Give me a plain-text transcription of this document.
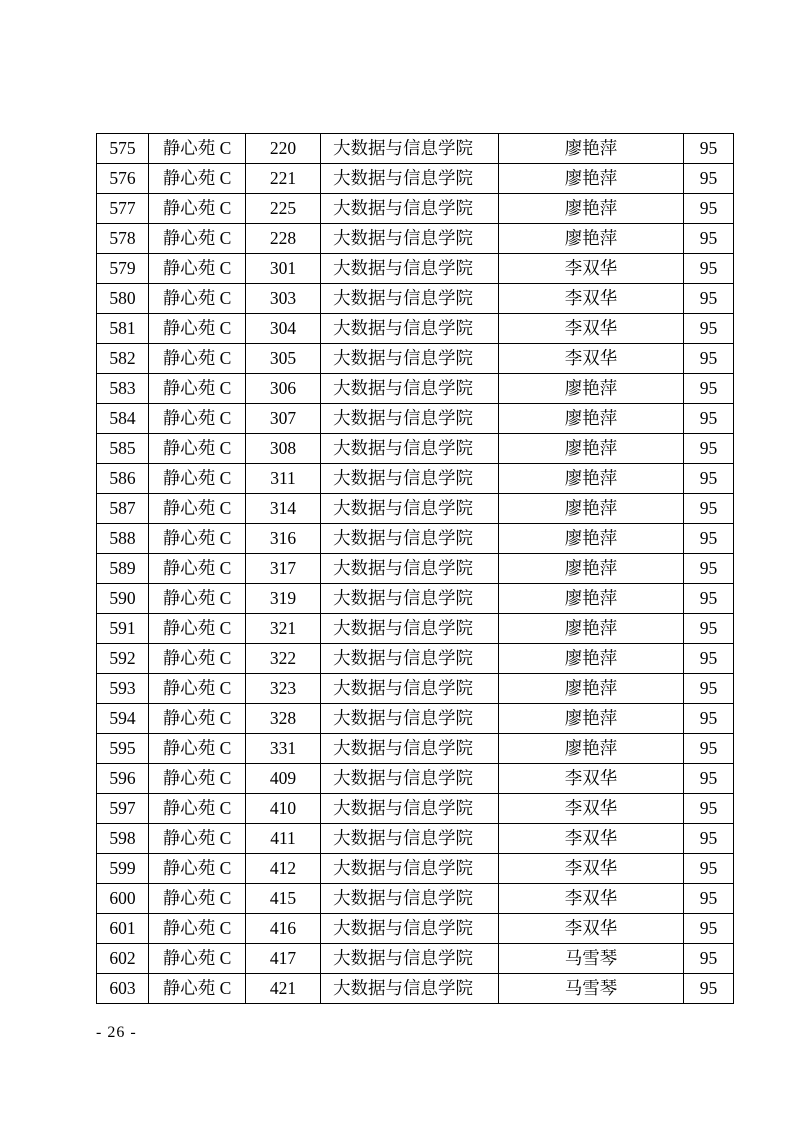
575	静心苑 C	220	大数据与信息学院	廖艳萍	95
576	静心苑 C	221	大数据与信息学院	廖艳萍	95
577	静心苑 C	225	大数据与信息学院	廖艳萍	95
578	静心苑 C	228	大数据与信息学院	廖艳萍	95
579	静心苑 C	301	大数据与信息学院	李双华	95
580	静心苑 C	303	大数据与信息学院	李双华	95
581	静心苑 C	304	大数据与信息学院	李双华	95
582	静心苑 C	305	大数据与信息学院	李双华	95
583	静心苑 C	306	大数据与信息学院	廖艳萍	95
584	静心苑 C	307	大数据与信息学院	廖艳萍	95
585	静心苑 C	308	大数据与信息学院	廖艳萍	95
586	静心苑 C	311	大数据与信息学院	廖艳萍	95
587	静心苑 C	314	大数据与信息学院	廖艳萍	95
588	静心苑 C	316	大数据与信息学院	廖艳萍	95
589	静心苑 C	317	大数据与信息学院	廖艳萍	95
590	静心苑 C	319	大数据与信息学院	廖艳萍	95
591	静心苑 C	321	大数据与信息学院	廖艳萍	95
592	静心苑 C	322	大数据与信息学院	廖艳萍	95
593	静心苑 C	323	大数据与信息学院	廖艳萍	95
594	静心苑 C	328	大数据与信息学院	廖艳萍	95
595	静心苑 C	331	大数据与信息学院	廖艳萍	95
596	静心苑 C	409	大数据与信息学院	李双华	95
597	静心苑 C	410	大数据与信息学院	李双华	95
598	静心苑 C	411	大数据与信息学院	李双华	95
599	静心苑 C	412	大数据与信息学院	李双华	95
600	静心苑 C	415	大数据与信息学院	李双华	95
601	静心苑 C	416	大数据与信息学院	李双华	95
602	静心苑 C	417	大数据与信息学院	马雪琴	95
603	静心苑 C	421	大数据与信息学院	马雪琴	95
- 26 -
